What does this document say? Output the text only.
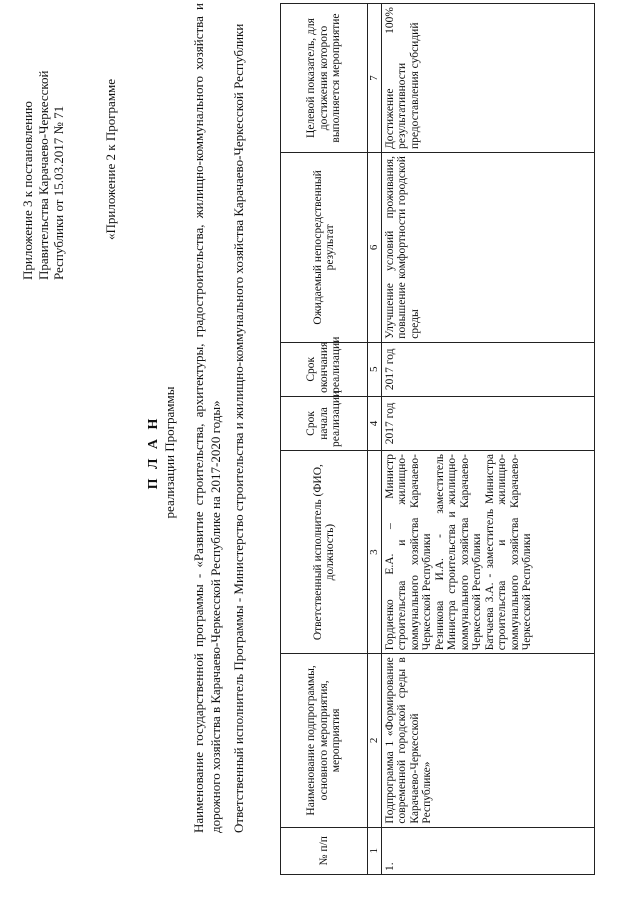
Приложение 3 к постановлению Правительства Карачаево-Черкесской Республики от 15.03.2017 № 71	«Приложение 2 к Программе
П Л А Н реализации Программы Наименование государственной программы - «Развитие строительства, архитектуры, градостроительства, жилищно-коммунального хозяйства и дорожного хозяйства в Карачаево-Черкесской Республике на 2017-2020 годы» Ответственный исполнитель Программы - Министерство строительства и жилищно-коммунального хозяйства Карачаево-Черкесской Республики
№ п/п	Наименование подпрограммы, основного мероприятия, мероприятия	Ответственный исполнитель (ФИО, должность)	Срок начала реализации	Срок окончания реализации	Ожидаемый непосредственный результат	Целевой показатель, для достижения которого выполняется мероприятие
1	2	3	4	5	6	7
1.	Подпрограмма 1 «Формирование современной городской среды в Карачаево-Черкесской Республике»	Гордиенко Е.А. – Министр строительства и жилищно-коммунального хозяйства Карачаево-Черкесской Республики Резникова И.А. - заместитель Министра строительства и жилищно-коммунального хозяйства Карачаево-Черкесской Республики Батчаева З.А. - заместитель Министра строительства и жилищно-коммунального хозяйства Карачаево-Черкесской Республики	2017 год	2017 год	Улучшение условий проживания, повышение комфортности городской среды	Достижение 100% результативности предоставления субсидий
